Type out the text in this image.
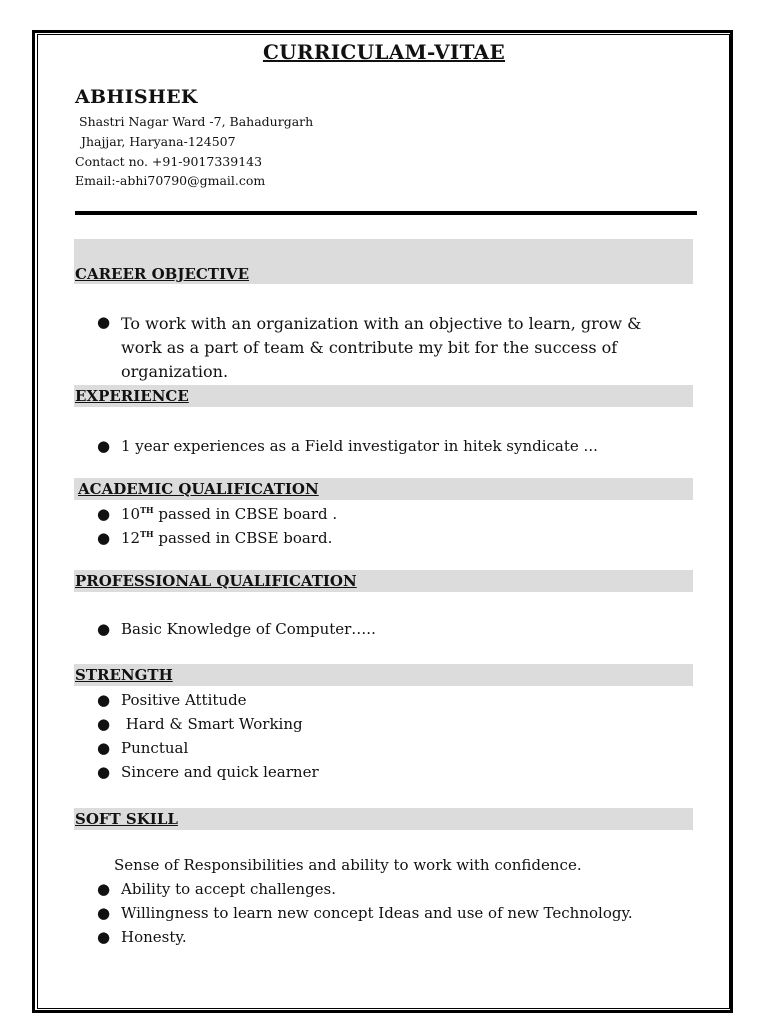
CURRICULAM-VITAE
ABHISHEK
Shastri Nagar Ward -7, Bahadurgarh
Jhajjar, Haryana-124507
Contact no. +91-9017339143
Email:-abhi70790@gmail.com
CAREER OBJECTIVE
● To work with an organization with an objective to learn, grow & work as a part of team & contribute my bit for the success of organization.
EXPERIENCE
● 1 year experiences as a Field investigator in hitek syndicate ...
ACADEMIC QUALIFICATION
● 10TH passed in CBSE board .
● 12TH passed in CBSE board.
PROFESSIONAL QUALIFICATION
● Basic Knowledge of Computer…..
STRENGTH
● Positive Attitude
● Hard & Smart Working
● Punctual
● Sincere and quick learner
SOFT SKILL
Sense of Responsibilities and ability to work with confidence.
● Ability to accept challenges.
● Willingness to learn new concept Ideas and use of new Technology.
● Honesty.
